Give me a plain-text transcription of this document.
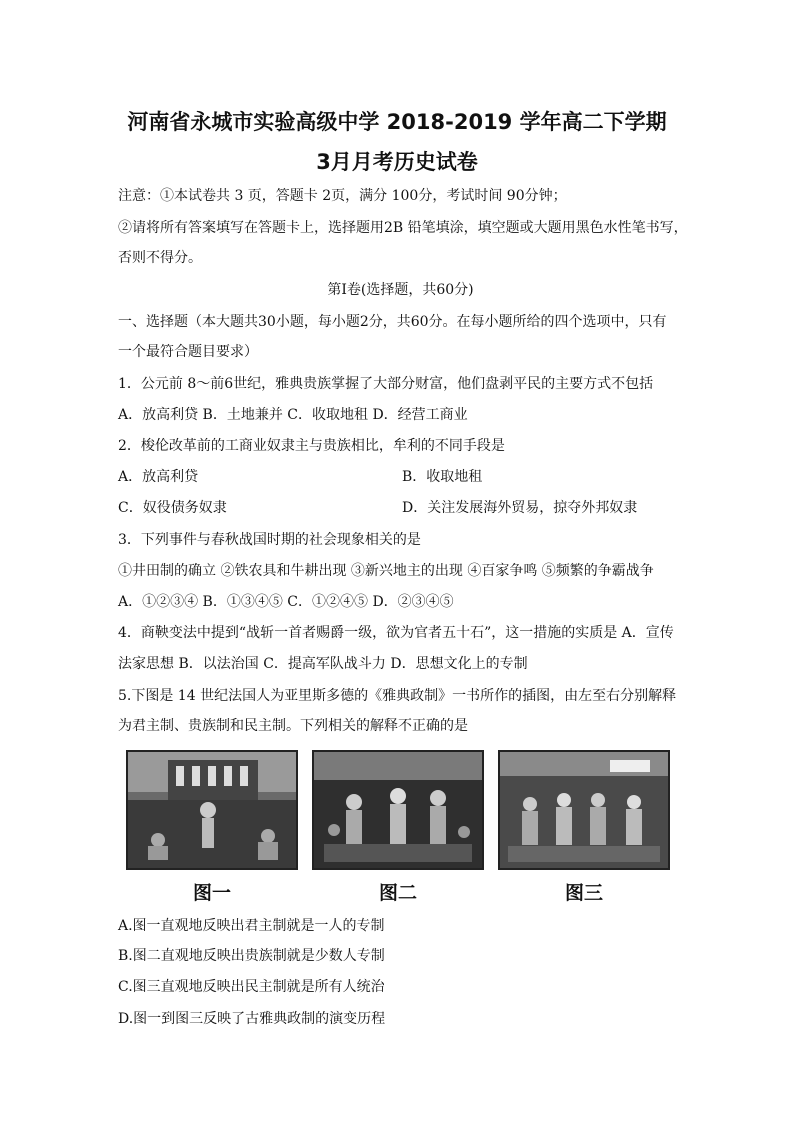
河南省永城市实验高级中学 2018-2019 学年高二下学期
3月月考历史试卷
注意：①本试卷共 3 页，答题卡 2页，满分 100分，考试时间 90分钟；
②请将所有答案填写在答题卡上，选择题用2B 铅笔填涂，填空题或大题用黑色水性笔书写，
否则不得分。
第Ⅰ卷(选择题，共60分)
一、选择题（本大题共30小题，每小题2分，共60分。在每小题所给的四个选项中，只有
一个最符合题目要求）
1．公元前 8～前6世纪，雅典贵族掌握了大部分财富，他们盘剥平民的主要方式不包括
A．放高利贷 B．土地兼并 C．收取地租 D．经营工商业
2．梭伦改革前的工商业奴隶主与贵族相比，牟利的不同手段是
A．放高利贷	B．收取地租
C．奴役债务奴隶	D．关注发展海外贸易，掠夺外邦奴隶
3．下列事件与春秋战国时期的社会现象相关的是
①井田制的确立 ②铁农具和牛耕出现 ③新兴地主的出现 ④百家争鸣 ⑤频繁的争霸战争
A．①②③④ B．①③④⑤ C．①②④⑤ D．②③④⑤
4．商鞅变法中提到“战斩一首者赐爵一级，欲为官者五十石”，这一措施的实质是 A．宣传
法家思想 B．以法治国 C．提高军队战斗力 D．思想文化上的专制
5.下图是 14 世纪法国人为亚里斯多德的《雅典政制》一书所作的插图，由左至右分别解释
为君主制、贵族制和民主制。下列相关的解释不正确的是
图一	图二	图三
A.图一直观地反映出君主制就是一人的专制
B.图二直观地反映出贵族制就是少数人专制
C.图三直观地反映出民主制就是所有人统治
D.图一到图三反映了古雅典政制的演变历程
